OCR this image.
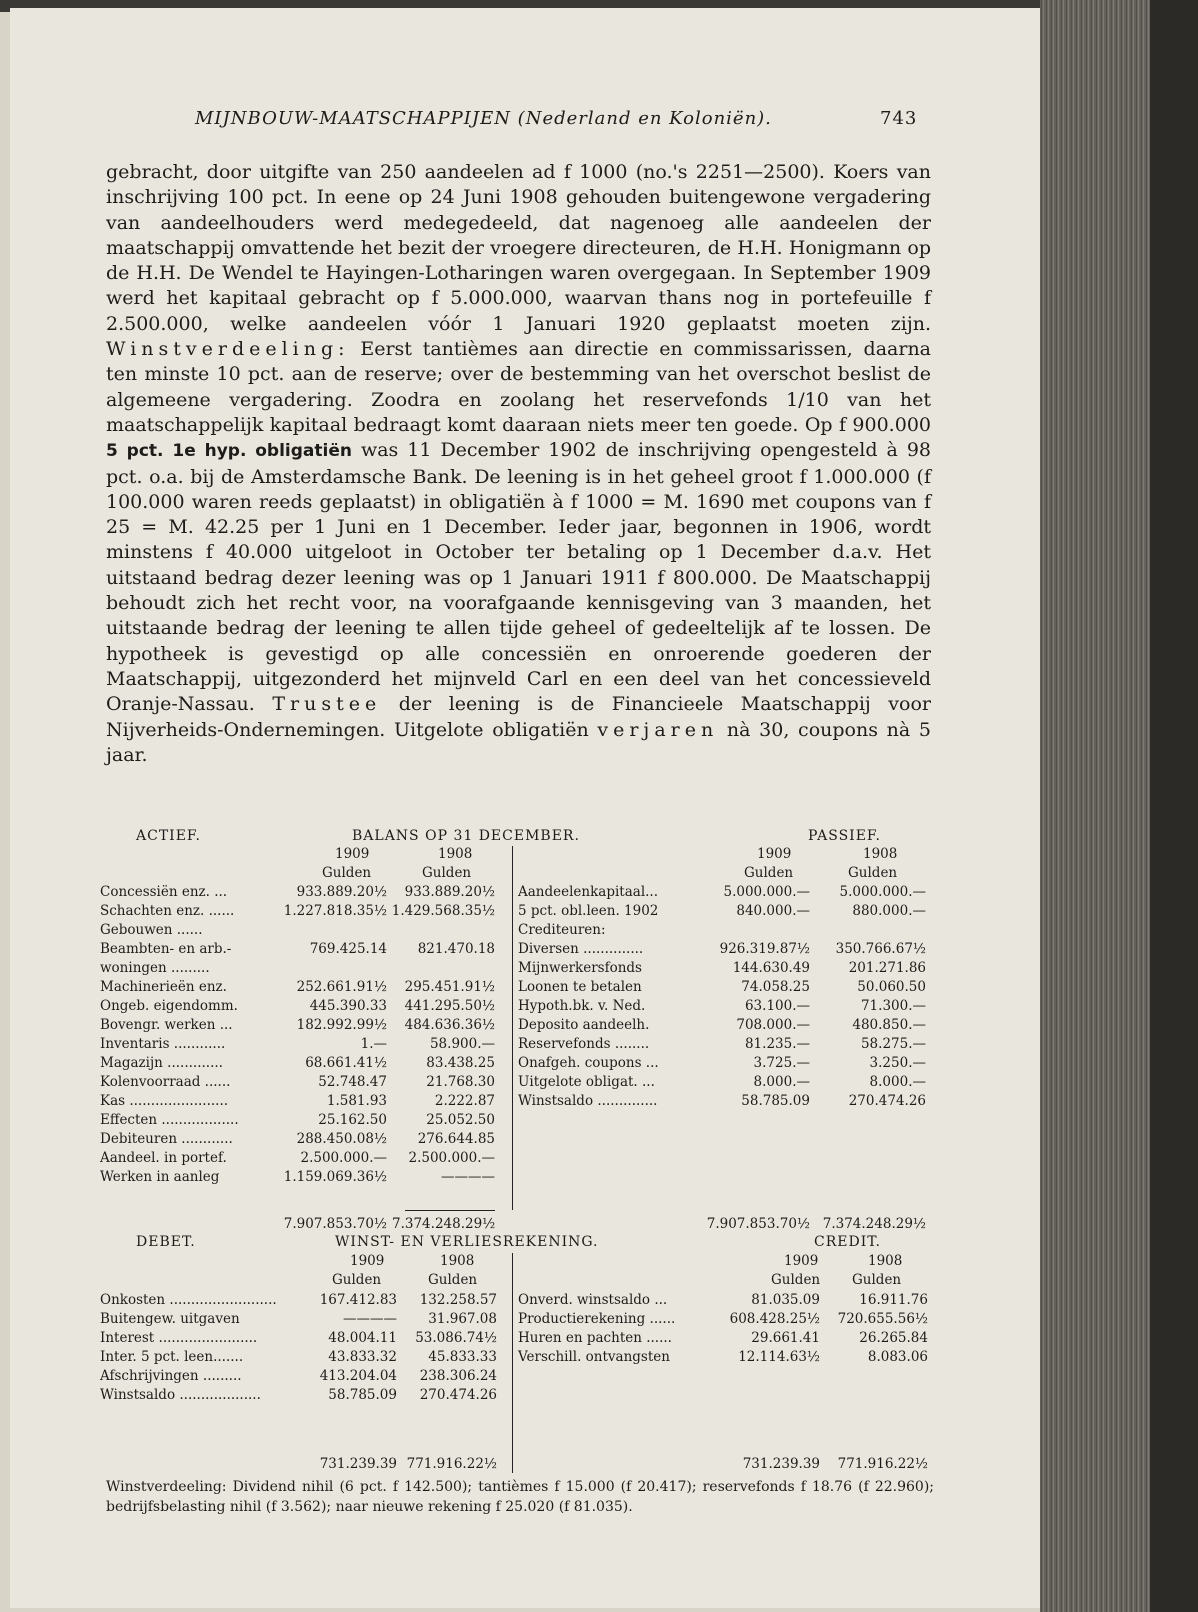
MIJNBOUW-MAATSCHAPPIJEN (Nederland en Koloniën).	743

gebracht, door uitgifte van 250 aandeelen ad f 1000 (no.'s 2251—2500). Koers van inschrijving 100 pct. In eene op 24 Juni 1908 gehouden buitengewone vergadering van aandeelhouders werd medegedeeld, dat nagenoeg alle aandeelen der maatschappij omvattende het bezit der vroegere directeuren, de H.H. Honigmann op de H.H. De Wendel te Hayingen-Lotharingen waren overgegaan. In September 1909 werd het kapitaal gebracht op f 5.000.000, waarvan thans nog in portefeuille f 2.500.000, welke aandeelen vóór 1 Januari 1920 geplaatst moeten zijn. Winstverdeeling: Eerst tantièmes aan directie en commissarissen, daarna ten minste 10 pct. aan de reserve; over de bestemming van het overschot beslist de algemeene vergadering. Zoodra en zoolang het reservefonds 1/10 van het maatschappelijk kapitaal bedraagt komt daaraan niets meer ten goede. Op f 900.000 5 pct. 1e hyp. obligatiën was 11 December 1902 de inschrijving opengesteld à 98 pct. o.a. bij de Amsterdamsche Bank. De leening is in het geheel groot f 1.000.000 (f 100.000 waren reeds geplaatst) in obligatiën à f 1000 = M. 1690 met coupons van f 25 = M. 42.25 per 1 Juni en 1 December. Ieder jaar, begonnen in 1906, wordt minstens f 40.000 uitgeloot in October ter betaling op 1 December d.a.v. Het uitstaand bedrag dezer leening was op 1 Januari 1911 f 800.000. De Maatschappij behoudt zich het recht voor, na voorafgaande kennisgeving van 3 maanden, het uitstaande bedrag der leening te allen tijde geheel of gedeeltelijk af te lossen. De hypotheek is gevestigd op alle concessiën en onroerende goederen der Maatschappij, uitgezonderd het mijnveld Carl en een deel van het concessieveld Oranje-Nassau. Trustee der leening is de Financieele Maatschappij voor Nijverheids-Ondernemingen. Uitgelote obligatiën verjaren nà 30, coupons nà 5 jaar.

ACTIEF.	BALANS OP 31 DECEMBER.	PASSIEF.
1909	1908
Gulden	Gulden
1909	1908
Gulden	Gulden
Concessiën enz. ...	933.889.20½	933.889.20½
Schachten enz. ......	1.227.818.35½ 1.429.568.35½
Gebouwen ......
Beambten- en arb.-	769.425.14	821.470.18
woningen .........
Machinerieën enz.	252.661.91½	295.451.91½
Ongeb. eigendomm.	445.390.33	441.295.50½
Bovengr. werken ...	182.992.99½	484.636.36½
Inventaris ............	1.—	58.900.—
Magazijn .............	68.661.41½	83.438.25
Kolenvoorraad ......	52.748.47	21.768.30
Kas .......................	1.581.93	2.222.87
Effecten ..................	25.162.50	25.052.50
Debiteuren ............	288.450.08½	276.644.85
Aandeel. in portef.	2.500.000.—	2.500.000.—
Werken in aanleg	1.159.069.36½	————
Aandeelenkapitaal...	5.000.000.—	5.000.000.—
5 pct. obl.leen. 1902	840.000.—	880.000.—
Crediteuren:
Diversen ..............	926.319.87½	350.766.67½
Mijnwerkersfonds	144.630.49	201.271.86
Loonen te betalen	74.058.25	50.060.50
Hypoth.bk. v. Ned.	63.100.—	71.300.—
Deposito aandeelh.	708.000.—	480.850.—
Reservefonds ........	81.235.—	58.275.—
Onafgeh. coupons ...	3.725.—	3.250.—
Uitgelote obligat. ...	8.000.—	8.000.—
Winstsaldo ..............	58.785.09	270.474.26
7.907.853.70½ 7.374.248.29½	7.907.853.70½ 7.374.248.29½
DEBET.	WINST- EN VERLIESREKENING.	CREDIT.
1909	1908
Gulden	Gulden
1909	1908
Gulden Gulden
Onkosten .........................	167.412.83	132.258.57
Buitengew. uitgaven	————	31.967.08
Interest .......................	48.004.11	53.086.74½
Inter. 5 pct. leen.......	43.833.32	45.833.33
Afschrijvingen .........	413.204.04	238.306.24
Winstsaldo ...................	58.785.09	270.474.26
Onverd. winstsaldo ...	81.035.09	16.911.76
Productierekening ......	608.428.25½	720.655.56½
Huren en pachten ......	29.661.41	26.265.84
Verschill. ontvangsten	12.114.63½	8.083.06
731.239.39 771.916.22½	731.239.39	771.916.22½

Winstverdeeling: Dividend nihil (6 pct. f 142.500); tantièmes f 15.000 (f 20.417); reservefonds f 18.76 (f 22.960); bedrijfsbelasting nihil (f 3.562); naar nieuwe rekening f 25.020 (f 81.035).
